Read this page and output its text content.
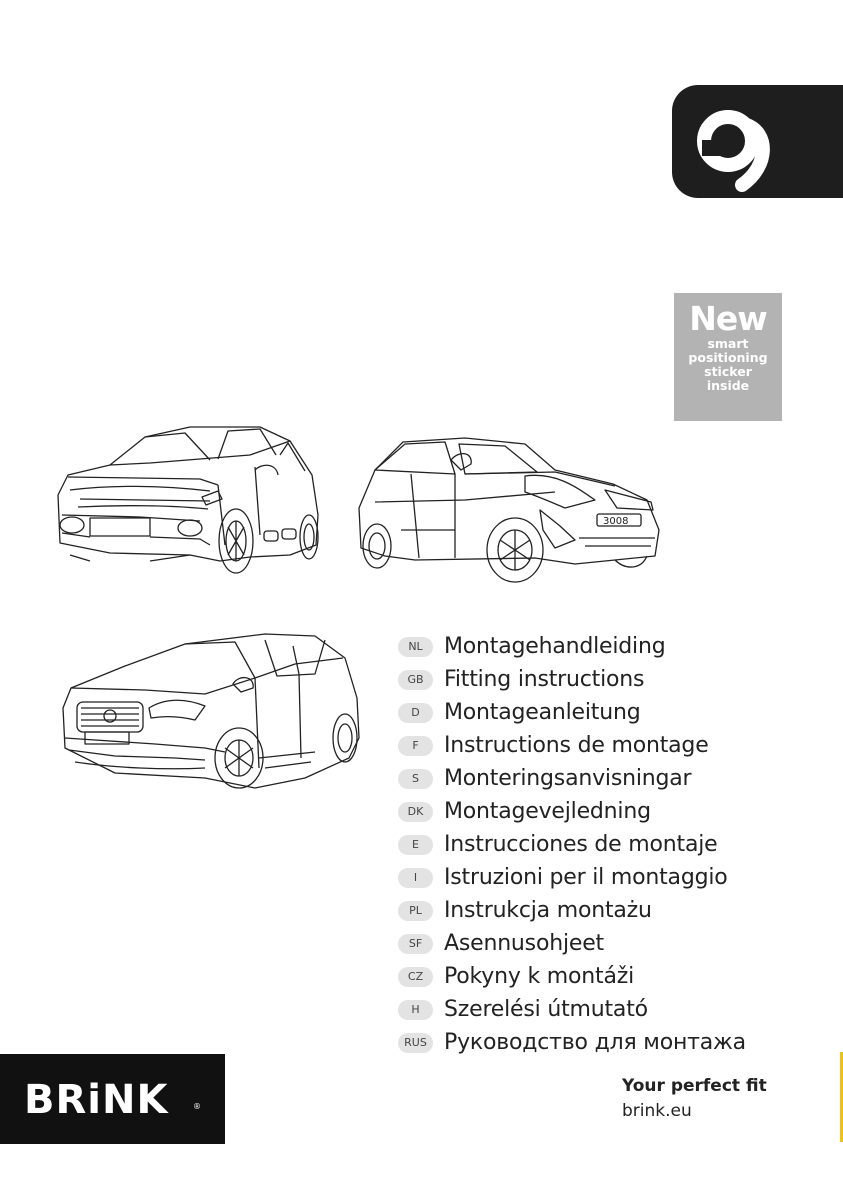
New
smart positioning sticker inside
3008
NL Montagehandleiding
GB Fitting instructions
D	Montageanleitung
F	Instructions de montage
S	Monteringsanvisningar
DK Montagevejledning
E	Instrucciones de montaje
I	Istruzioni per il montaggio
PL	Instrukcja montażu
SF Asennusohjeet
CZ Pokyny k montáži
H	Szerelési útmutató
RUS Руководство для монтажа
BRiNK	®
Your perfect fit
brink.eu
